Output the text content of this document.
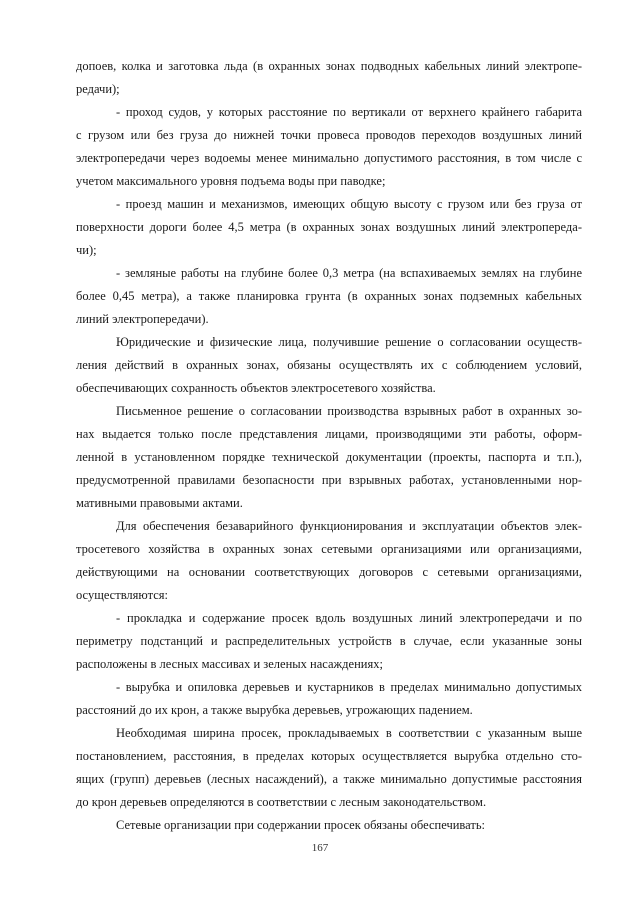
допоев, колка и заготовка льда (в охранных зонах подводных кабельных линий электропе-
редачи);
- проход судов, у которых расстояние по вертикали от верхнего крайнего габарита
с грузом или без груза до нижней точки провеса проводов переходов воздушных линий
электропередачи через водоемы менее минимально допустимого расстояния, в том числе с
учетом максимального уровня подъема воды при паводке;
- проезд машин и механизмов, имеющих общую высоту с грузом или без груза от
поверхности дороги более 4,5 метра (в охранных зонах воздушных линий электропереда-
чи);
- земляные работы на глубине более 0,3 метра (на вспахиваемых землях на глубине
более 0,45 метра), а также планировка грунта (в охранных зонах подземных кабельных
линий электропередачи).
Юридические и физические лица, получившие решение о согласовании осуществ-
ления действий в охранных зонах, обязаны осуществлять их с соблюдением условий,
обеспечивающих сохранность объектов электросетевого хозяйства.
Письменное решение о согласовании производства взрывных работ в охранных зо-
нах выдается только после представления лицами, производящими эти работы, оформ-
ленной в установленном порядке технической документации (проекты, паспорта и т.п.),
предусмотренной правилами безопасности при взрывных работах, установленными нор-
мативными правовыми актами.
Для обеспечения безаварийного функционирования и эксплуатации объектов элек-
тросетевого хозяйства в охранных зонах сетевыми организациями или организациями,
действующими на основании соответствующих договоров с сетевыми организациями,
осуществляются:
- прокладка и содержание просек вдоль воздушных линий электропередачи и по
периметру подстанций и распределительных устройств в случае, если указанные зоны
расположены в лесных массивах и зеленых насаждениях;
- вырубка и опиловка деревьев и кустарников в пределах минимально допустимых
расстояний до их крон, а также вырубка деревьев, угрожающих падением.
Необходимая ширина просек, прокладываемых в соответствии с указанным выше
постановлением, расстояния, в пределах которых осуществляется вырубка отдельно сто-
ящих (групп) деревьев (лесных насаждений), а также минимально допустимые расстояния
до крон деревьев определяются в соответствии с лесным законодательством.
Сетевые организации при содержании просек обязаны обеспечивать:
167
